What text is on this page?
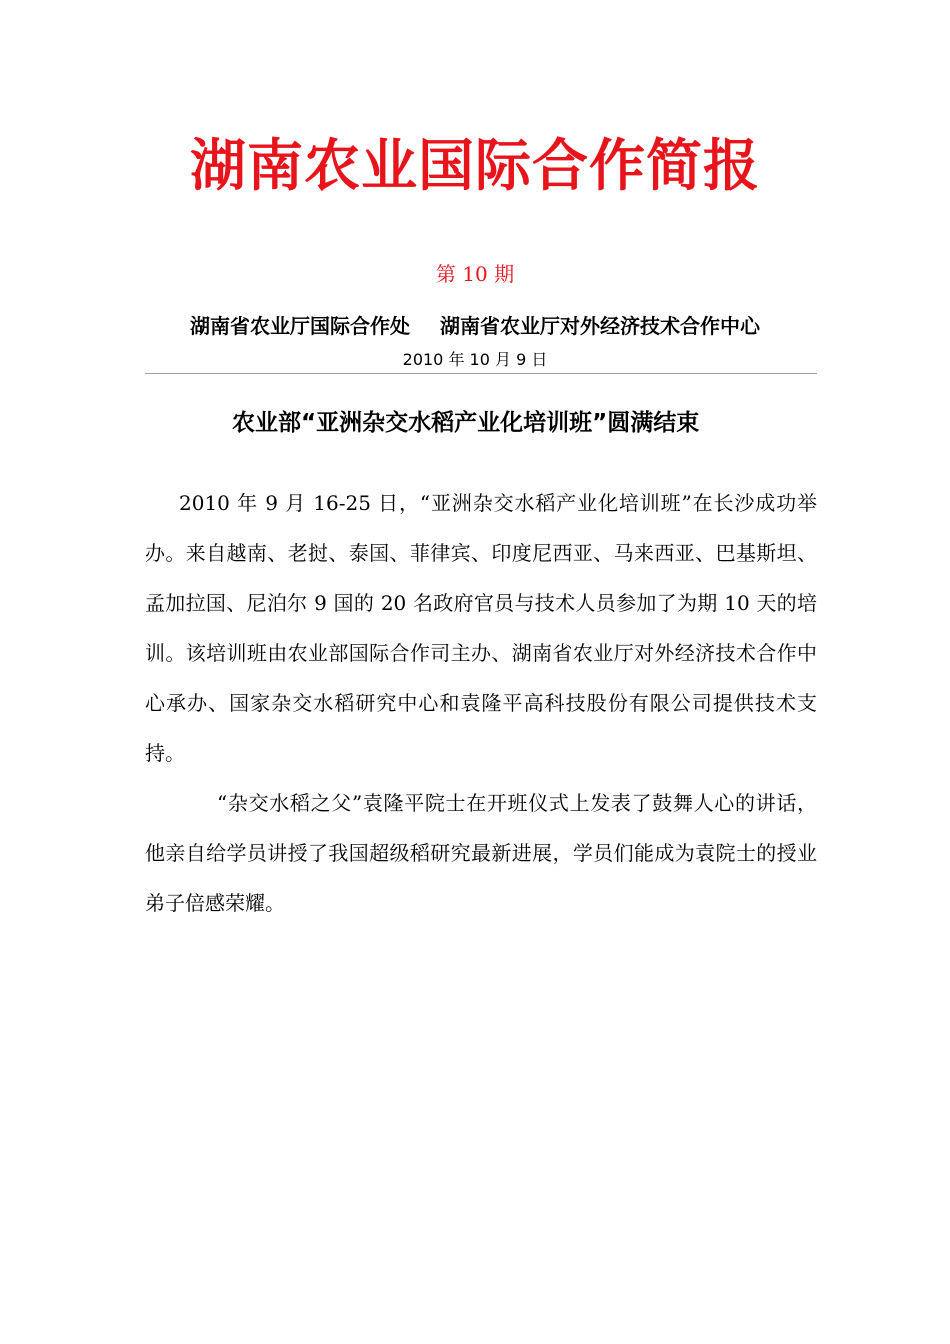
湖南农业国际合作简报
第 10 期
湖南省农业厅国际合作处 湖南省农业厅对外经济技术合作中心
2010 年 10 月 9 日
农业部“亚洲杂交水稻产业化培训班”圆满结束

2010 年 9 月 16-25 日，“亚洲杂交水稻产业化培训班”在长沙成功举办。来自越南、老挝、泰国、菲律宾、印度尼西亚、马来西亚、巴基斯坦、孟加拉国、尼泊尔 9 国的 20 名政府官员与技术人员参加了为期 10 天的培训。该培训班由农业部国际合作司主办、湖南省农业厅对外经济技术合作中心承办、国家杂交水稻研究中心和袁隆平高科技股份有限公司提供技术支持。

“杂交水稻之父”袁隆平院士在开班仪式上发表了鼓舞人心的讲话，他亲自给学员讲授了我国超级稻研究最新进展，学员们能成为袁院士的授业弟子倍感荣耀。
